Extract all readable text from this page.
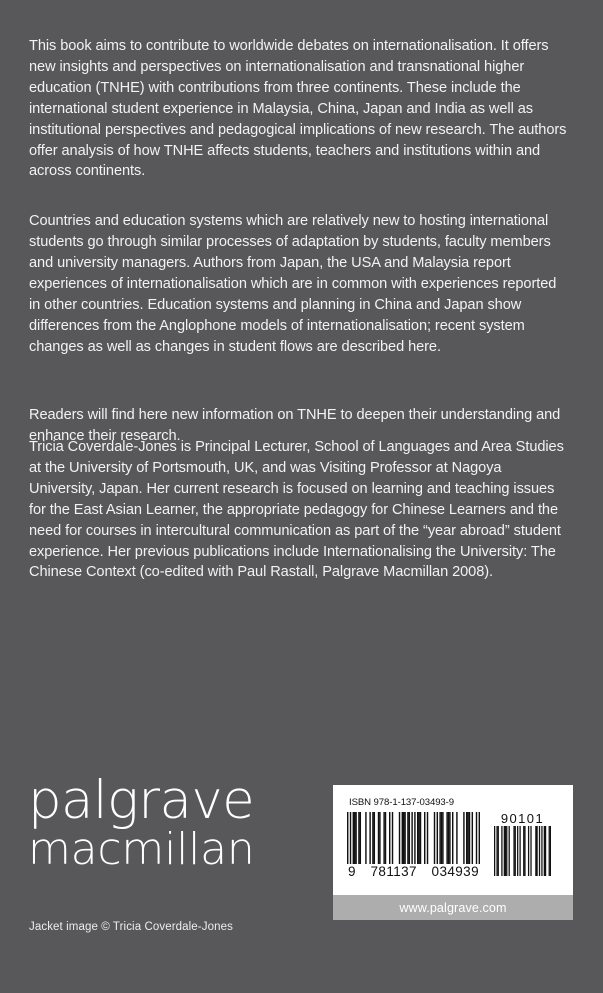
This book aims to contribute to worldwide debates on internationalisation. It offers new insights and perspectives on internationalisation and transnational higher education (TNHE) with contributions from three continents. These include the international student experience in Malaysia, China, Japan and India as well as institutional perspectives and pedagogical implications of new research. The authors offer analysis of how TNHE affects students, teachers and institutions within and across continents.

Countries and education systems which are relatively new to hosting international students go through similar processes of adaptation by students, faculty members and university managers. Authors from Japan, the USA and Malaysia report experiences of internationalisation which are in common with experiences reported in other countries. Education systems and planning in China and Japan show differences from the Anglophone models of internationalisation; recent system changes as well as changes in student flows are described here.

Readers will find here new information on TNHE to deepen their understanding and enhance their research.

Tricia Coverdale-Jones is Principal Lecturer, School of Languages and Area Studies at the University of Portsmouth, UK, and was Visiting Professor at Nagoya University, Japan. Her current research is focused on learning and teaching issues for the East Asian Learner, the appropriate pedagogy for Chinese Learners and the need for courses in intercultural communication as part of the “year abroad” student experience. Her previous publications include Internationalising the University: The Chinese Context (co-edited with Paul Rastall, Palgrave Macmillan 2008).
palgrave
macmillan
Jacket image © Tricia Coverdale-Jones
ISBN 978-1-137-03493-9
9 781137 034939
90101
www.palgrave.com
